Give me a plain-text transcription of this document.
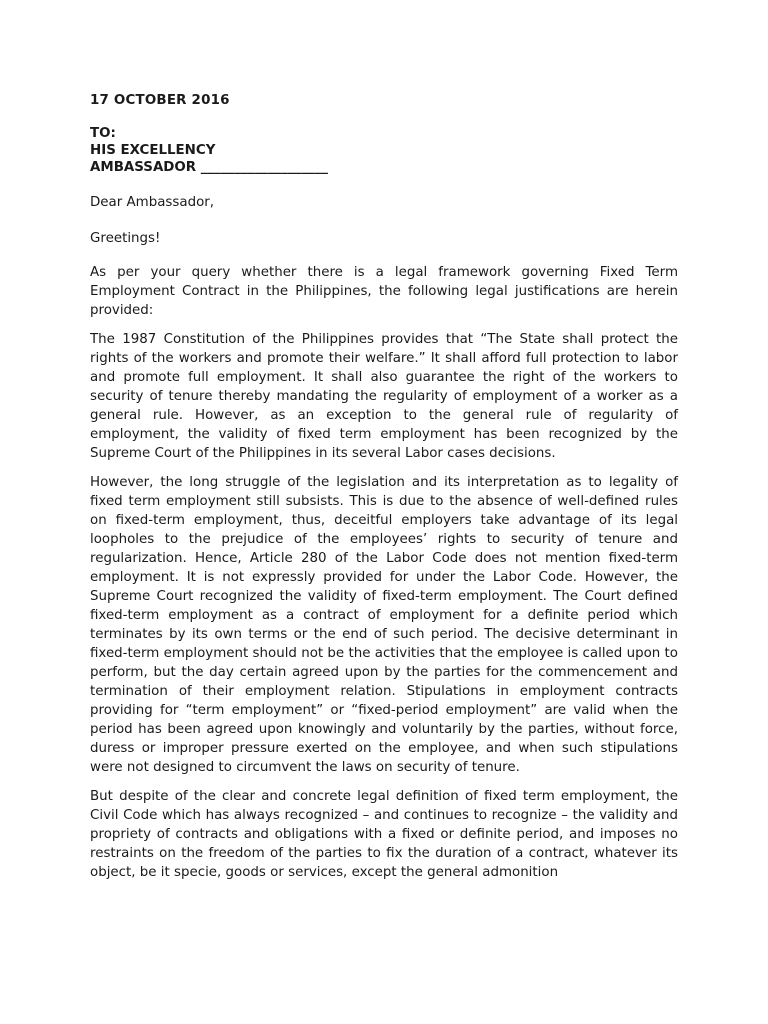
17 OCTOBER 2016
TO:
HIS EXCELLENCY
AMBASSADOR ___________________
Dear Ambassador,
Greetings!

As per your query whether there is a legal framework governing Fixed Term Employment Contract in the Philippines, the following legal justifications are herein provided:

The 1987 Constitution of the Philippines provides that “The State shall protect the rights of the workers and promote their welfare.” It shall afford full protection to labor and promote full employment. It shall also guarantee the right of the workers to security of tenure thereby mandating the regularity of employment of a worker as a general rule. However, as an exception to the general rule of regularity of employment, the validity of fixed term employment has been recognized by the Supreme Court of the Philippines in its several Labor cases decisions.

However, the long struggle of the legislation and its interpretation as to legality of fixed term employment still subsists. This is due to the absence of well-defined rules on fixed-term employment, thus, deceitful employers take advantage of its legal loopholes to the prejudice of the employees’ rights to security of tenure and regularization. Hence, Article 280 of the Labor Code does not mention fixed-term employment. It is not expressly provided for under the Labor Code. However, the Supreme Court recognized the validity of fixed-term employment. The Court defined fixed-term employment as a contract of employment for a definite period which terminates by its own terms or the end of such period. The decisive determinant in fixed-term employment should not be the activities that the employee is called upon to perform, but the day certain agreed upon by the parties for the commencement and termination of their employment relation. Stipulations in employment contracts providing for “term employment” or “fixed-period employment” are valid when the period has been agreed upon knowingly and voluntarily by the parties, without force, duress or improper pressure exerted on the employee, and when such stipulations were not designed to circumvent the laws on security of tenure.

But despite of the clear and concrete legal definition of fixed term employment, the Civil Code which has always recognized – and continues to recognize – the validity and propriety of contracts and obligations with a fixed or definite period, and imposes no restraints on the freedom of the parties to fix the duration of a contract, whatever its object, be it specie, goods or services, except the general admonition
